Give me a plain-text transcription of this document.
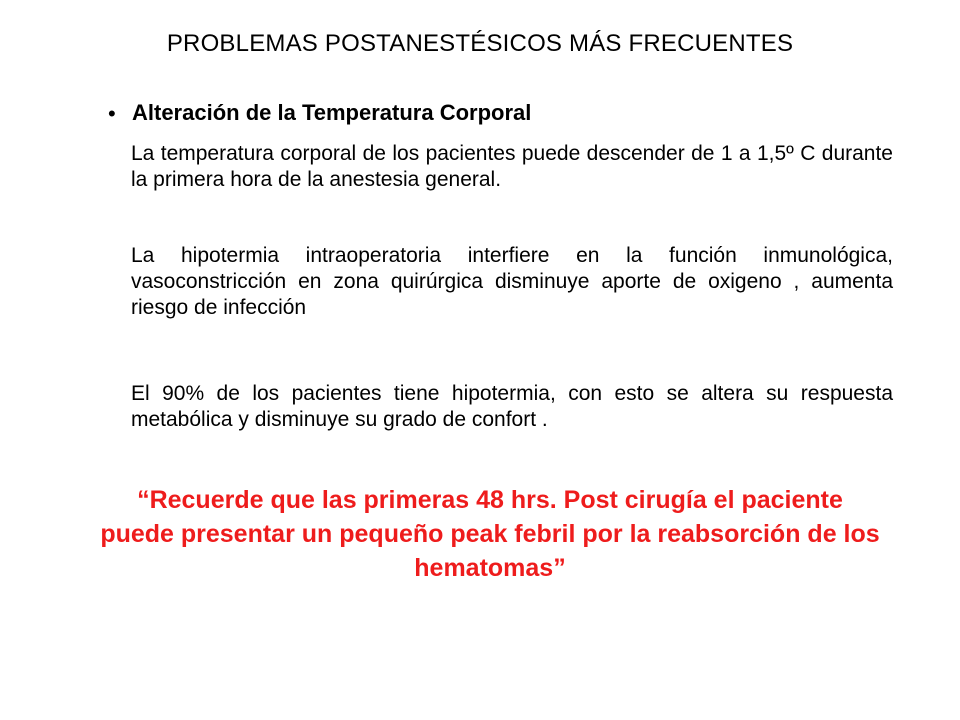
PROBLEMAS POSTANESTÉSICOS MÁS FRECUENTES
• Alteración de la Temperatura Corporal
La temperatura corporal de los pacientes puede descender de 1 a 1,5º C durante la primera hora de la anestesia general.
La hipotermia intraoperatoria interfiere en la función inmunológica, vasoconstricción en zona quirúrgica disminuye aporte de oxigeno , aumenta riesgo de infección
El 90% de los pacientes tiene hipotermia, con esto se altera su respuesta metabólica y disminuye su grado de confort .
“Recuerde que las primeras 48 hrs. Post cirugía el paciente puede presentar un pequeño peak febril por la reabsorción de los hematomas”
